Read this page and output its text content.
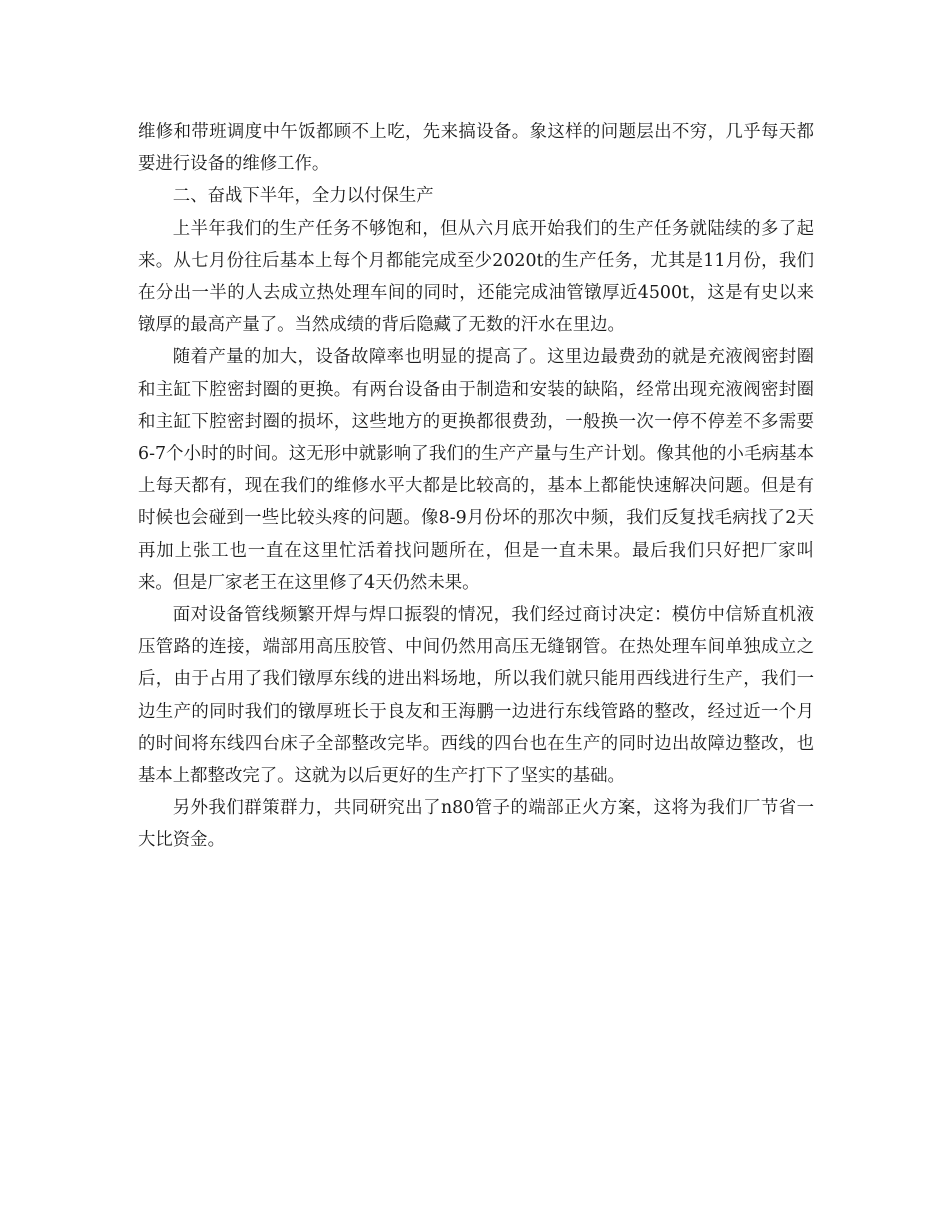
维修和带班调度中午饭都顾不上吃，先来搞设备。象这样的问题层出不穷，几乎每天都要进行设备的维修工作。

二、奋战下半年，全力以付保生产

上半年我们的生产任务不够饱和，但从六月底开始我们的生产任务就陆续的多了起来。从七月份往后基本上每个月都能完成至少2020t的生产任务，尤其是11月份，我们在分出一半的人去成立热处理车间的同时，还能完成油管镦厚近4500t，这是有史以来镦厚的最高产量了。当然成绩的背后隐藏了无数的汗水在里边。

随着产量的加大，设备故障率也明显的提高了。这里边最费劲的就是充液阀密封圈和主缸下腔密封圈的更换。有两台设备由于制造和安装的缺陷，经常出现充液阀密封圈和主缸下腔密封圈的损坏，这些地方的更换都很费劲，一般换一次一停不停差不多需要6-7个小时的时间。这无形中就影响了我们的生产产量与生产计划。像其他的小毛病基本上每天都有，现在我们的维修水平大都是比较高的，基本上都能快速解决问题。但是有时候也会碰到一些比较头疼的问题。像8-9月份坏的那次中频，我们反复找毛病找了2天再加上张工也一直在这里忙活着找问题所在，但是一直未果。最后我们只好把厂家叫来。但是厂家老王在这里修了4天仍然未果。

面对设备管线频繁开焊与焊口振裂的情况，我们经过商讨决定：模仿中信矫直机液压管路的连接，端部用高压胶管、中间仍然用高压无缝钢管。在热处理车间单独成立之后，由于占用了我们镦厚东线的进出料场地，所以我们就只能用西线进行生产，我们一边生产的同时我们的镦厚班长于良友和王海鹏一边进行东线管路的整改，经过近一个月的时间将东线四台床子全部整改完毕。西线的四台也在生产的同时边出故障边整改，也基本上都整改完了。这就为以后更好的生产打下了坚实的基础。

另外我们群策群力，共同研究出了n80管子的端部正火方案，这将为我们厂节省一大比资金。
